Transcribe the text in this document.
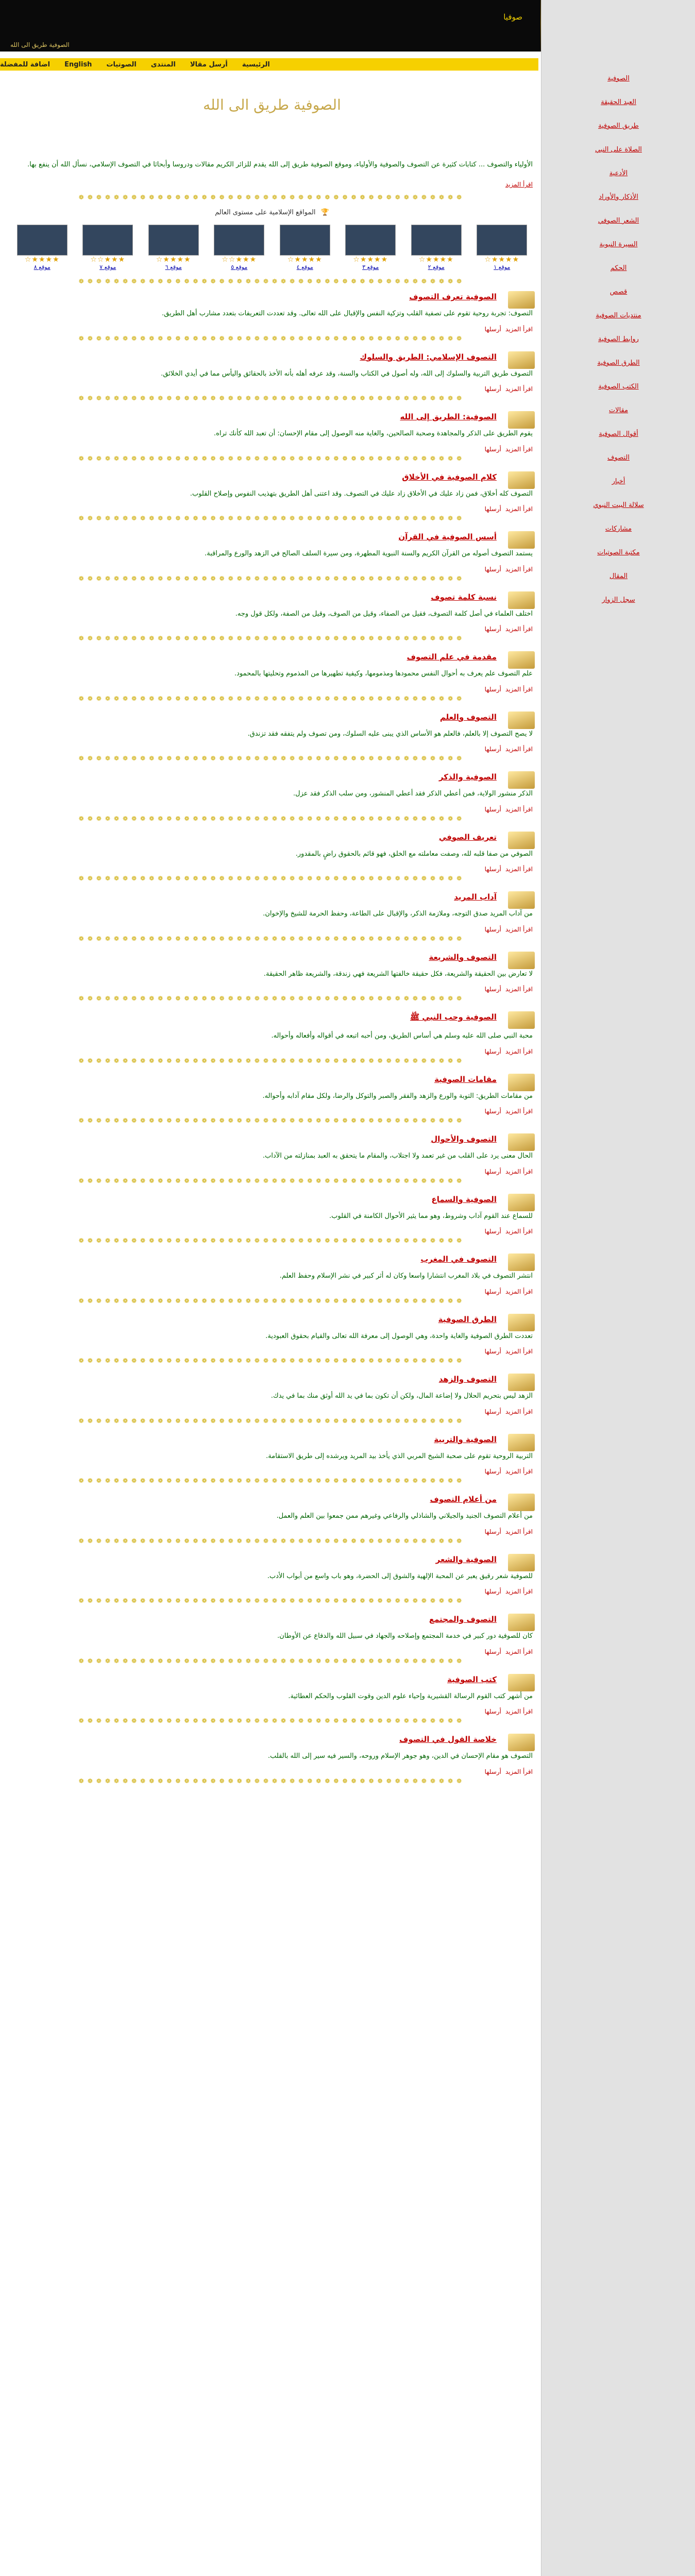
صوفيا
الصوفية طريق الى الله
الرئيسية
أرسل مقالا
المنتدى
الصوتيات
English
اضافة للمفضلة
الصوفية طريق الى الله

الأولياء والتصوف ... كتابات كثيرة عن التصوف والصوفية والأولياء، وموقع الصوفية طريق إلى الله يقدم للزائر الكريم مقالات ودروسا وأبحاثا في التصوف الإسلامي، نسأل الله أن ينفع بها.

اقرأ المزيد
❁❁❁❁❁❁❁❁❁❁❁❁❁❁❁❁❁❁❁❁❁❁❁❁❁❁❁❁❁❁❁❁❁❁❁❁❁❁❁❁❁❁❁❁
🏆
المواقع الإسلامية على مستوى العالم
★★★★☆
موقع ١
★★★★☆
موقع ٢
★★★★☆
موقع ٣
★★★★☆
موقع ٤
★★★☆☆
موقع ٥
★★★★☆
موقع ٦
★★★☆☆
موقع ٧
★★★★☆
موقع ٨
❁❁❁❁❁❁❁❁❁❁❁❁❁❁❁❁❁❁❁❁❁❁❁❁❁❁❁❁❁❁❁❁❁❁❁❁❁❁❁❁❁❁❁❁
الصوفية تعرف التصوف

التصوف: تجربة روحية تقوم على تصفية القلب وتزكية النفس والإقبال على الله تعالى. وقد تعددت التعريفات بتعدد مشارب أهل الطريق.

اقرأ المزيدأرسلها
❁❁❁❁❁❁❁❁❁❁❁❁❁❁❁❁❁❁❁❁❁❁❁❁❁❁❁❁❁❁❁❁❁❁❁❁❁❁❁❁❁❁❁❁
التصوف الإسلامي: الطريق والسلوك

التصوف طريق التربية والسلوك إلى الله، وله أصول في الكتاب والسنة، وقد عرفه أهله بأنه الأخذ بالحقائق واليأس مما في أيدي الخلائق.

اقرأ المزيدأرسلها
❁❁❁❁❁❁❁❁❁❁❁❁❁❁❁❁❁❁❁❁❁❁❁❁❁❁❁❁❁❁❁❁❁❁❁❁❁❁❁❁❁❁❁❁
الصوفية: الطريق إلى الله

يقوم الطريق على الذكر والمجاهدة وصحبة الصالحين، والغاية منه الوصول إلى مقام الإحسان: أن تعبد الله كأنك تراه.

اقرأ المزيدأرسلها
❁❁❁❁❁❁❁❁❁❁❁❁❁❁❁❁❁❁❁❁❁❁❁❁❁❁❁❁❁❁❁❁❁❁❁❁❁❁❁❁❁❁❁❁
كلام الصوفية في الأخلاق

التصوف كله أخلاق، فمن زاد عليك في الأخلاق زاد عليك في التصوف. وقد اعتنى أهل الطريق بتهذيب النفوس وإصلاح القلوب.

اقرأ المزيدأرسلها
❁❁❁❁❁❁❁❁❁❁❁❁❁❁❁❁❁❁❁❁❁❁❁❁❁❁❁❁❁❁❁❁❁❁❁❁❁❁❁❁❁❁❁❁
أسس الصوفية في القرآن

يستمد التصوف أصوله من القرآن الكريم والسنة النبوية المطهرة، ومن سيرة السلف الصالح في الزهد والورع والمراقبة.

اقرأ المزيدأرسلها
❁❁❁❁❁❁❁❁❁❁❁❁❁❁❁❁❁❁❁❁❁❁❁❁❁❁❁❁❁❁❁❁❁❁❁❁❁❁❁❁❁❁❁❁
نسبة كلمة تصوف

اختلف العلماء في أصل كلمة التصوف، فقيل من الصفاء، وقيل من الصوف، وقيل من الصفة، ولكل قول وجه.

اقرأ المزيدأرسلها
❁❁❁❁❁❁❁❁❁❁❁❁❁❁❁❁❁❁❁❁❁❁❁❁❁❁❁❁❁❁❁❁❁❁❁❁❁❁❁❁❁❁❁❁
مقدمة في علم التصوف

علم التصوف علم يعرف به أحوال النفس محمودها ومذمومها، وكيفية تطهيرها من المذموم وتحليتها بالمحمود.

اقرأ المزيدأرسلها
❁❁❁❁❁❁❁❁❁❁❁❁❁❁❁❁❁❁❁❁❁❁❁❁❁❁❁❁❁❁❁❁❁❁❁❁❁❁❁❁❁❁❁❁
التصوف والعلم

لا يصح التصوف إلا بالعلم، فالعلم هو الأساس الذي يبنى عليه السلوك، ومن تصوف ولم يتفقه فقد تزندق.

اقرأ المزيدأرسلها
❁❁❁❁❁❁❁❁❁❁❁❁❁❁❁❁❁❁❁❁❁❁❁❁❁❁❁❁❁❁❁❁❁❁❁❁❁❁❁❁❁❁❁❁
الصوفية والذكر

الذكر منشور الولاية، فمن أعطي الذكر فقد أعطي المنشور، ومن سلب الذكر فقد عزل.

اقرأ المزيدأرسلها
❁❁❁❁❁❁❁❁❁❁❁❁❁❁❁❁❁❁❁❁❁❁❁❁❁❁❁❁❁❁❁❁❁❁❁❁❁❁❁❁❁❁❁❁
تعريف الصوفي

الصوفي من صفا قلبه لله، وصفت معاملته مع الخلق، فهو قائم بالحقوق راضٍ بالمقدور.

اقرأ المزيدأرسلها
❁❁❁❁❁❁❁❁❁❁❁❁❁❁❁❁❁❁❁❁❁❁❁❁❁❁❁❁❁❁❁❁❁❁❁❁❁❁❁❁❁❁❁❁
آداب المريد

من آداب المريد صدق التوجه، وملازمة الذكر، والإقبال على الطاعة، وحفظ الحرمة للشيخ والإخوان.

اقرأ المزيدأرسلها
❁❁❁❁❁❁❁❁❁❁❁❁❁❁❁❁❁❁❁❁❁❁❁❁❁❁❁❁❁❁❁❁❁❁❁❁❁❁❁❁❁❁❁❁
التصوف والشريعة

لا تعارض بين الحقيقة والشريعة، فكل حقيقة خالفتها الشريعة فهي زندقة، والشريعة ظاهر الحقيقة.

اقرأ المزيدأرسلها
❁❁❁❁❁❁❁❁❁❁❁❁❁❁❁❁❁❁❁❁❁❁❁❁❁❁❁❁❁❁❁❁❁❁❁❁❁❁❁❁❁❁❁❁
الصوفية وحب النبي ﷺ

محبة النبي صلى الله عليه وسلم هي أساس الطريق، ومن أحبه اتبعه في أقواله وأفعاله وأحواله.

اقرأ المزيدأرسلها
❁❁❁❁❁❁❁❁❁❁❁❁❁❁❁❁❁❁❁❁❁❁❁❁❁❁❁❁❁❁❁❁❁❁❁❁❁❁❁❁❁❁❁❁
مقامات الصوفية

من مقامات الطريق: التوبة والورع والزهد والفقر والصبر والتوكل والرضا، ولكل مقام آدابه وأحواله.

اقرأ المزيدأرسلها
❁❁❁❁❁❁❁❁❁❁❁❁❁❁❁❁❁❁❁❁❁❁❁❁❁❁❁❁❁❁❁❁❁❁❁❁❁❁❁❁❁❁❁❁
التصوف والأحوال

الحال معنى يرد على القلب من غير تعمد ولا اجتلاب، والمقام ما يتحقق به العبد بمنازلته من الآداب.

اقرأ المزيدأرسلها
❁❁❁❁❁❁❁❁❁❁❁❁❁❁❁❁❁❁❁❁❁❁❁❁❁❁❁❁❁❁❁❁❁❁❁❁❁❁❁❁❁❁❁❁
الصوفية والسماع

للسماع عند القوم آداب وشروط، وهو مما يثير الأحوال الكامنة في القلوب.

اقرأ المزيدأرسلها
❁❁❁❁❁❁❁❁❁❁❁❁❁❁❁❁❁❁❁❁❁❁❁❁❁❁❁❁❁❁❁❁❁❁❁❁❁❁❁❁❁❁❁❁
التصوف في المغرب

انتشر التصوف في بلاد المغرب انتشارا واسعا وكان له أثر كبير في نشر الإسلام وحفظ العلم.

اقرأ المزيدأرسلها
❁❁❁❁❁❁❁❁❁❁❁❁❁❁❁❁❁❁❁❁❁❁❁❁❁❁❁❁❁❁❁❁❁❁❁❁❁❁❁❁❁❁❁❁
الطرق الصوفية

تعددت الطرق الصوفية والغاية واحدة، وهي الوصول إلى معرفة الله تعالى والقيام بحقوق العبودية.

اقرأ المزيدأرسلها
❁❁❁❁❁❁❁❁❁❁❁❁❁❁❁❁❁❁❁❁❁❁❁❁❁❁❁❁❁❁❁❁❁❁❁❁❁❁❁❁❁❁❁❁
التصوف والزهد

الزهد ليس بتحريم الحلال ولا إضاعة المال، ولكن أن تكون بما في يد الله أوثق منك بما في يدك.

اقرأ المزيدأرسلها
❁❁❁❁❁❁❁❁❁❁❁❁❁❁❁❁❁❁❁❁❁❁❁❁❁❁❁❁❁❁❁❁❁❁❁❁❁❁❁❁❁❁❁❁
الصوفية والتربية

التربية الروحية تقوم على صحبة الشيخ المربي الذي يأخذ بيد المريد ويرشده إلى طريق الاستقامة.

اقرأ المزيدأرسلها
❁❁❁❁❁❁❁❁❁❁❁❁❁❁❁❁❁❁❁❁❁❁❁❁❁❁❁❁❁❁❁❁❁❁❁❁❁❁❁❁❁❁❁❁
من أعلام التصوف

من أعلام التصوف الجنيد والجيلاني والشاذلي والرفاعي وغيرهم ممن جمعوا بين العلم والعمل.

اقرأ المزيدأرسلها
❁❁❁❁❁❁❁❁❁❁❁❁❁❁❁❁❁❁❁❁❁❁❁❁❁❁❁❁❁❁❁❁❁❁❁❁❁❁❁❁❁❁❁❁
الصوفية والشعر

للصوفية شعر رقيق يعبر عن المحبة الإلهية والشوق إلى الحضرة، وهو باب واسع من أبواب الأدب.

اقرأ المزيدأرسلها
❁❁❁❁❁❁❁❁❁❁❁❁❁❁❁❁❁❁❁❁❁❁❁❁❁❁❁❁❁❁❁❁❁❁❁❁❁❁❁❁❁❁❁❁
التصوف والمجتمع

كان للصوفية دور كبير في خدمة المجتمع وإصلاحه والجهاد في سبيل الله والدفاع عن الأوطان.

اقرأ المزيدأرسلها
❁❁❁❁❁❁❁❁❁❁❁❁❁❁❁❁❁❁❁❁❁❁❁❁❁❁❁❁❁❁❁❁❁❁❁❁❁❁❁❁❁❁❁❁
كتب الصوفية

من أشهر كتب القوم الرسالة القشيرية وإحياء علوم الدين وقوت القلوب والحكم العطائية.

اقرأ المزيدأرسلها
❁❁❁❁❁❁❁❁❁❁❁❁❁❁❁❁❁❁❁❁❁❁❁❁❁❁❁❁❁❁❁❁❁❁❁❁❁❁❁❁❁❁❁❁
خلاصة القول في التصوف

التصوف هو مقام الإحسان في الدين، وهو جوهر الإسلام وروحه، والسير فيه سير إلى الله بالقلب.

اقرأ المزيدأرسلها
❁❁❁❁❁❁❁❁❁❁❁❁❁❁❁❁❁❁❁❁❁❁❁❁❁❁❁❁❁❁❁❁❁❁❁❁❁❁❁❁❁❁❁❁
الصوفية
العبد الحقيقة
طريق الصوفية
الصلاة على النبي
الأدعية
الأذكار والأوراد
الشعر الصوفي
السيرة النبوية
الحكم
قصص
منتديات الصوفية
روابط الصوفية
الطرق الصوفية
الكتب الصوفية
مقالات
أقوال الصوفية
التصوف
أخبار
سلالة البيت النبوي
مشاركات
مكتبة الصوتيات
المقال
سجل الزوار
